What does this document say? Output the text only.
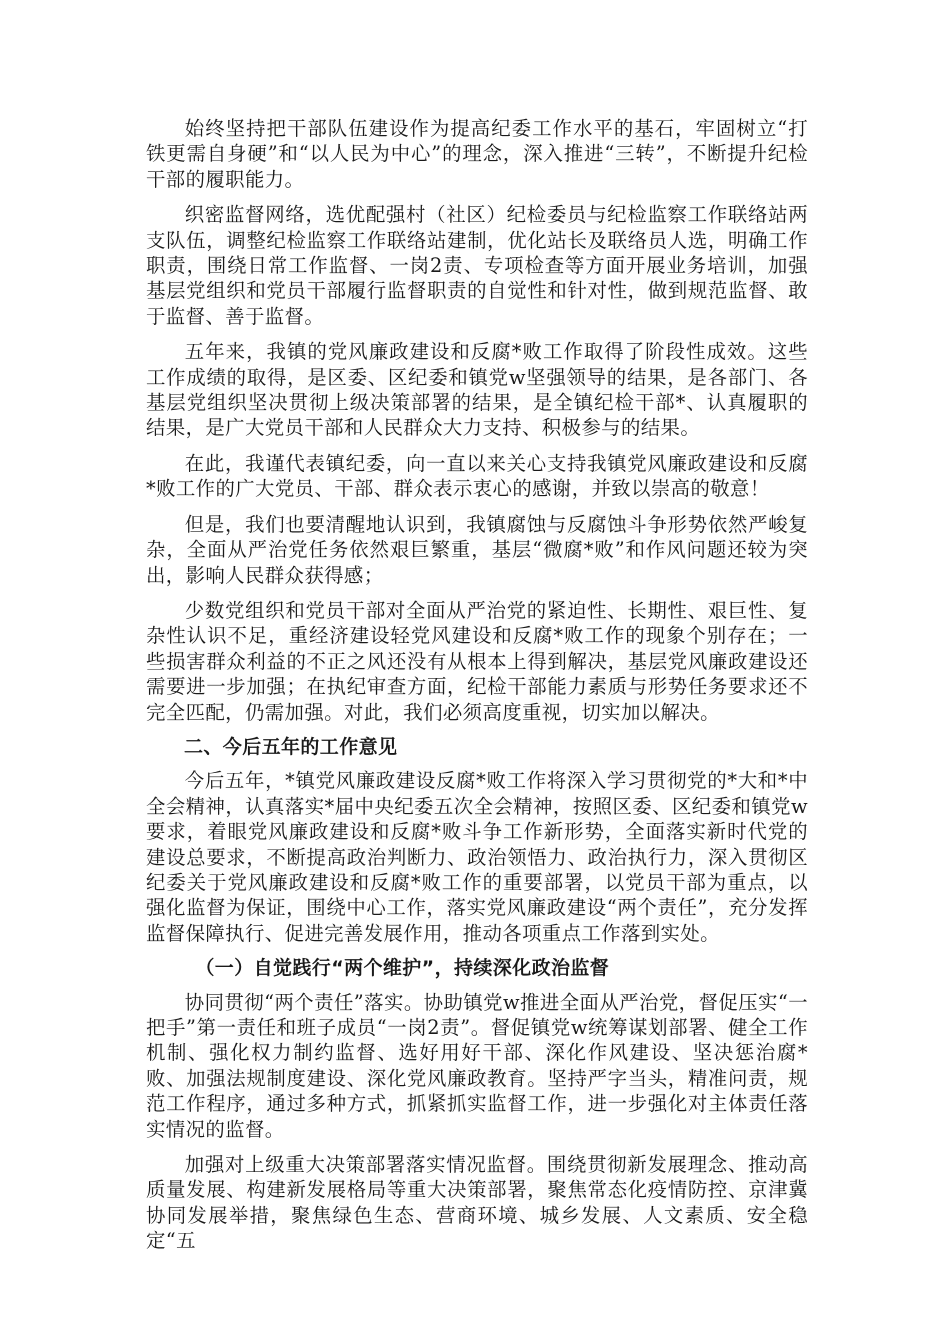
始终坚持把干部队伍建设作为提高纪委工作水平的基石，牢固树立“打铁更需自身硬”和“以人民为中心”的理念，深入推进“三转”，不断提升纪检干部的履职能力。

织密监督网络，选优配强村（社区）纪检委员与纪检监察工作联络站两支队伍，调整纪检监察工作联络站建制，优化站长及联络员人选，明确工作职责，围绕日常工作监督、一岗2责、专项检查等方面开展业务培训，加强基层党组织和党员干部履行监督职责的自觉性和针对性，做到规范监督、敢于监督、善于监督。

五年来，我镇的党风廉政建设和反腐*败工作取得了阶段性成效。这些工作成绩的取得，是区委、区纪委和镇党w坚强领导的结果，是各部门、各基层党组织坚决贯彻上级决策部署的结果，是全镇纪检干部*、认真履职的结果，是广大党员干部和人民群众大力支持、积极参与的结果。

在此，我谨代表镇纪委，向一直以来关心支持我镇党风廉政建设和反腐*败工作的广大党员、干部、群众表示衷心的感谢，并致以崇高的敬意！

但是，我们也要清醒地认识到，我镇腐蚀与反腐蚀斗争形势依然严峻复杂，全面从严治党任务依然艰巨繁重，基层“微腐*败”和作风问题还较为突出，影响人民群众获得感；

少数党组织和党员干部对全面从严治党的紧迫性、长期性、艰巨性、复杂性认识不足，重经济建设轻党风建设和反腐*败工作的现象个别存在；一些损害群众利益的不正之风还没有从根本上得到解决，基层党风廉政建设还需要进一步加强；在执纪审查方面，纪检干部能力素质与形势任务要求还不完全匹配，仍需加强。对此，我们必须高度重视，切实加以解决。

二、今后五年的工作意见

今后五年，*镇党风廉政建设反腐*败工作将深入学习贯彻党的*大和*中全会精神，认真落实*届中央纪委五次全会精神，按照区委、区纪委和镇党w要求，着眼党风廉政建设和反腐*败斗争工作新形势，全面落实新时代党的建设总要求，不断提高政治判断力、政治领悟力、政治执行力，深入贯彻区纪委关于党风廉政建设和反腐*败工作的重要部署，以党员干部为重点，以强化监督为保证，围绕中心工作，落实党风廉政建设“两个责任”，充分发挥监督保障执行、促进完善发展作用，推动各项重点工作落到实处。

（一）自觉践行“两个维护”，持续深化政治监督

协同贯彻“两个责任”落实。协助镇党w推进全面从严治党，督促压实“一把手”第一责任和班子成员“一岗2责”。督促镇党w统筹谋划部署、健全工作机制、强化权力制约监督、选好用好干部、深化作风建设、坚决惩治腐*败、加强法规制度建设、深化党风廉政教育。坚持严字当头，精准问责，规范工作程序，通过多种方式，抓紧抓实监督工作，进一步强化对主体责任落实情况的监督。

加强对上级重大决策部署落实情况监督。围绕贯彻新发展理念、推动高质量发展、构建新发展格局等重大决策部署，聚焦常态化疫情防控、京津冀协同发展举措，聚焦绿色生态、营商环境、城乡发展、人文素质、安全稳定“五
